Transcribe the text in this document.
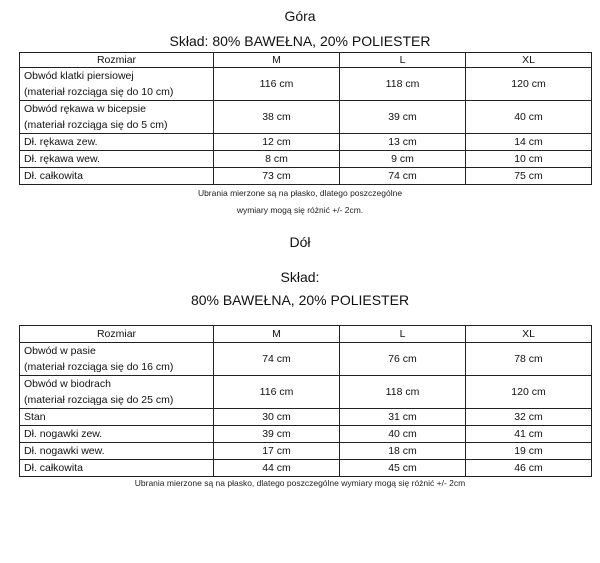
Góra
Skład: 80% BAWEŁNA, 20% POLIESTER
Rozmiar	M	L	XL

Obwód klatki piersiowej
(materiał rozciąga się do 10 cm)	116 cm	118 cm	120 cm

Obwód rękawa w bicepsie
(materiał rozciąga się do 5 cm)	38 cm	39 cm	40 cm
Dł. rękawa zew.	12 cm	13 cm	14 cm
Dł. rękawa wew.	8 cm	9 cm	10 cm
Dł. całkowita	73 cm	74 cm	75 cm
Ubrania mierzone są na płasko, dlatego poszczególne
wymiary mogą się różnić +/- 2cm.
Dół
Skład:
80% BAWEŁNA, 20% POLIESTER
Rozmiar	M	L	XL

Obwód w pasie
(materiał rozciąga się do 16 cm)	74 cm	76 cm	78 cm

Obwód w biodrach
(materiał rozciąga się do 25 cm)	116 cm	118 cm	120 cm
Stan	30 cm	31 cm	32 cm
Dł. nogawki zew.	39 cm	40 cm	41 cm
Dł. nogawki wew.	17 cm	18 cm	19 cm
Dł. całkowita	44 cm	45 cm	46 cm
Ubrania mierzone są na płasko, dlatego poszczególne wymiary mogą się różnić +/- 2cm
